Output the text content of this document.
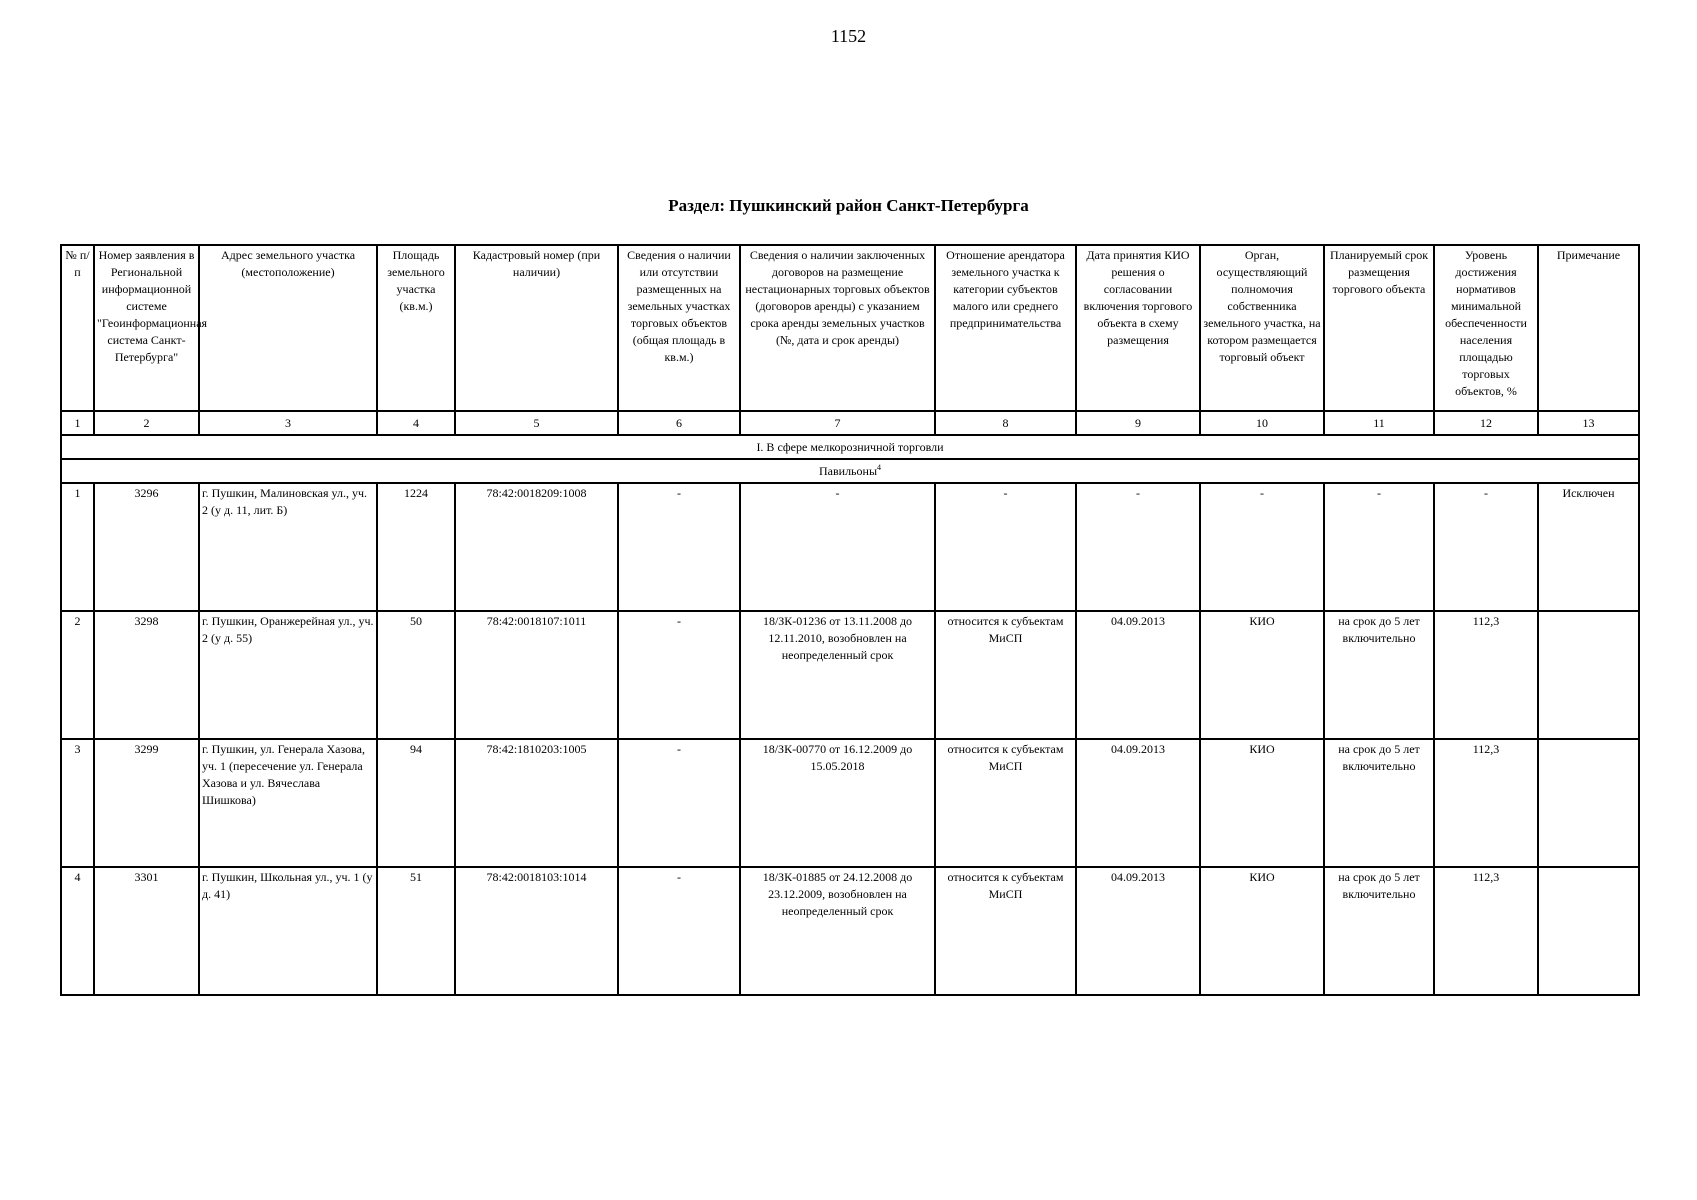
1152
Раздел: Пушкинский район Санкт-Петербурга
№ п/п	Номер заявления в Региональной информационной системе "Геоинформационная система Санкт-Петербурга"	Адрес земельного участка (местоположение)	Площадь земельного участка (кв.м.)	Кадастровый номер (при наличии)	Сведения о наличии или отсутствии размещенных на земельных участках торговых объектов (общая площадь в кв.м.)	Сведения о наличии заключенных договоров на размещение нестационарных торговых объектов (договоров аренды) с указанием срока аренды земельных участков (№, дата и срок аренды)	Отношение арендатора земельного участка к категории субъектов малого или среднего предпринимательства	Дата принятия КИО решения о согласовании включения торгового объекта в схему размещения	Орган, осуществляющий полномочия собственника земельного участка, на котором размещается торговый объект	Планируемый срок размещения торгового объекта	Уровень достижения нормативов минимальной обеспеченности населения площадью торговых объектов, %	Примечание
1	2	3	4	5	6	7	8	9	10	11	12	13
I. В сфере мелкорозничной торговли												
Павильоны$^4$
1	3296	г. Пушкин, Малиновская ул., уч. 2 (у д. 11, лит. Б)	1224	78:42:0018209:1008	-	-	-	-	-	-	-	Исключен
2	3298	г. Пушкин, Оранжерейная ул., уч. 2 (у д. 55)	50	78:42:0018107:1011	-	18/ЗК-01236 от 13.11.2008 до 12.11.2010, возобновлен на неопределенный срок	относится к субъектам МиСП	04.09.2013	КИО	на срок до 5 лет включительно	112,3	
3	3299	г. Пушкин, ул. Генерала Хазова, уч. 1 (пересечение ул. Генерала Хазова и ул. Вячеслава Шишкова)	94	78:42:1810203:1005	-	18/ЗК-00770 от 16.12.2009 до 15.05.2018	относится к субъектам МиСП	04.09.2013	КИО	на срок до 5 лет включительно	112,3	
4	3301	г. Пушкин, Школьная ул., уч. 1 (у д. 41)	51	78:42:0018103:1014	-	18/ЗК-01885 от 24.12.2008 до 23.12.2009, возобновлен на неопределенный срок	относится к субъектам МиСП	04.09.2013	КИО	на срок до 5 лет включительно	112,3	
